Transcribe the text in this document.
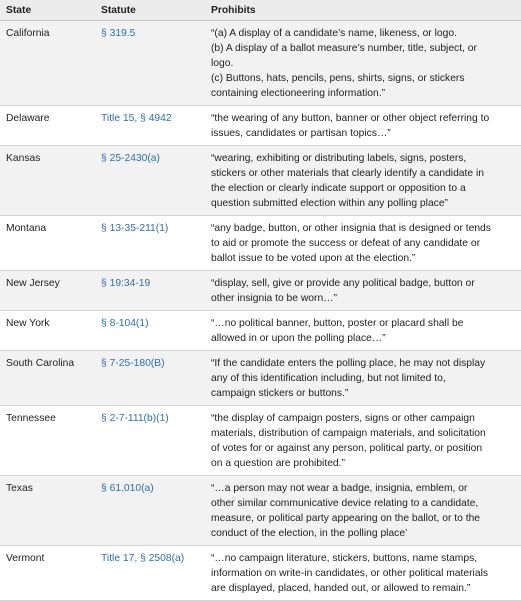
State	Statute	Prohibits
California	§ 319.5	“(a) A display of a candidate’s name, likeness, or logo.
(b) A display of a ballot measure’s number, title, subject, or
logo.
(c) Buttons, hats, pencils, pens, shirts, signs, or stickers
containing electioneering information.”

Delaware	Title 15, § 4942	“the wearing of any button, banner or other object referring to
issues, candidates or partisan topics…”

Kansas	§ 25-2430(a)	“wearing, exhibiting or distributing labels, signs, posters,
stickers or other materials that clearly identify a candidate in
the election or clearly indicate support or opposition to a
question submitted election within any polling place”

Montana	§ 13-35-211(1)	“any badge, button, or other insignia that is designed or tends
to aid or promote the success or defeat of any candidate or
ballot issue to be voted upon at the election.”

New Jersey	§ 19:34-19	“display, sell, give or provide any political badge, button or
other insignia to be worn…”

New York	§ 8-104(1)	“…no political banner, button, poster or placard shall be
allowed in or upon the polling place…”

South Carolina	§ 7-25-180(B)	“If the candidate enters the polling place, he may not display
any of this identification including, but not limited to,
campaign stickers or buttons.”

Tennessee	§ 2-7-111(b)(1)	“the display of campaign posters, signs or other campaign
materials, distribution of campaign materials, and solicitation
of votes for or against any person, political party, or position
on a question are prohibited.”

Texas	§ 61.010(a)	“…a person may not wear a badge, insignia, emblem, or
other similar communicative device relating to a candidate,
measure, or political party appearing on the ballot, or to the
conduct of the election, in the polling place’

Vermont	Title 17, § 2508(a)	“…no campaign literature, stickers, buttons, name stamps,
information on write-in candidates, or other political materials
are displayed, placed, handed out, or allowed to remain.”
